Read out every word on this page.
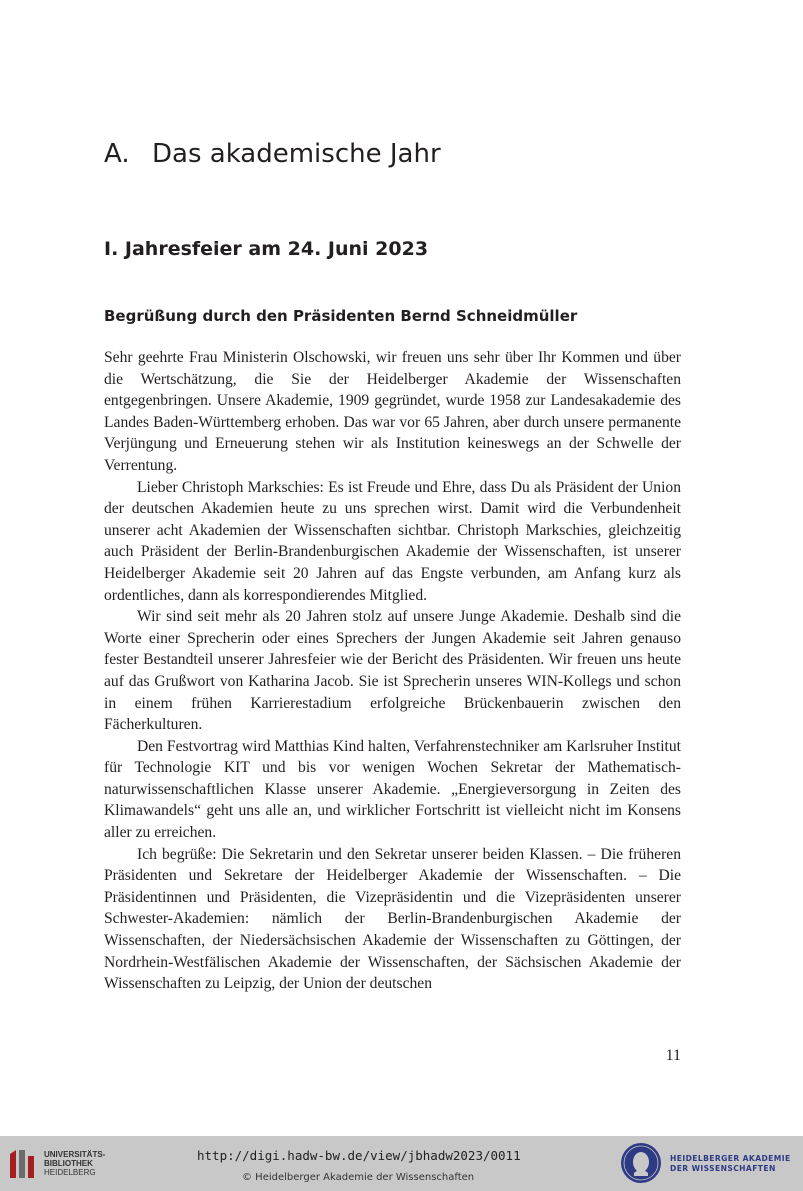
A. Das akademische Jahr
I. Jahresfeier am 24. Juni 2023
Begrüßung durch den Präsidenten Bernd Schneidmüller

Sehr geehrte Frau Ministerin Olschowski, wir freuen uns sehr über Ihr Kommen und über die Wertschätzung, die Sie der Heidelberger Akademie der Wissenschaften entgegenbringen. Unsere Akademie, 1909 gegründet, wurde 1958 zur Landesakademie des Landes Baden-Württemberg erhoben. Das war vor 65 Jahren, aber durch unsere permanente Verjüngung und Erneuerung stehen wir als Institution keineswegs an der Schwelle der Verrentung.

Lieber Christoph Markschies: Es ist Freude und Ehre, dass Du als Präsident der Union der deutschen Akademien heute zu uns sprechen wirst. Damit wird die Verbundenheit unserer acht Akademien der Wissenschaften sichtbar. Christoph Markschies, gleichzeitig auch Präsident der Berlin-Brandenburgischen Akademie der Wissenschaften, ist unserer Heidelberger Akademie seit 20 Jahren auf das Engste verbunden, am Anfang kurz als ordentliches, dann als korrespondierendes Mitglied.

Wir sind seit mehr als 20 Jahren stolz auf unsere Junge Akademie. Deshalb sind die Worte einer Sprecherin oder eines Sprechers der Jungen Akademie seit Jahren genauso fester Bestandteil unserer Jahresfeier wie der Bericht des Präsidenten. Wir freuen uns heute auf das Grußwort von Katharina Jacob. Sie ist Sprecherin unseres WIN-Kollegs und schon in einem frühen Karrierestadium erfolgreiche Brückenbauerin zwischen den Fächerkulturen.

Den Festvortrag wird Matthias Kind halten, Verfahrenstechniker am Karlsruher Institut für Technologie KIT und bis vor wenigen Wochen Sekretar der Mathematisch-naturwissenschaftlichen Klasse unserer Akademie. „Energieversorgung in Zeiten des Klimawandels“ geht uns alle an, und wirklicher Fortschritt ist vielleicht nicht im Konsens aller zu erreichen.

Ich begrüße: Die Sekretarin und den Sekretar unserer beiden Klassen. – Die früheren Präsidenten und Sekretare der Heidelberger Akademie der Wissenschaften. – Die Präsidentinnen und Präsidenten, die Vizepräsidentin und die Vizepräsidenten unserer Schwester-Akademien: nämlich der Berlin-Brandenburgischen Akademie der Wissenschaften, der Niedersächsischen Akademie der Wissenschaften zu Göttingen, der Nordrhein-Westfälischen Akademie der Wissenschaften, der Sächsischen Akademie der Wissenschaften zu Leipzig, der Union der deutschen

11
UNIVERSITÄTS-
BIBLIOTHEK
HEIDELBERG
http://digi.hadw-bw.de/view/jbhadw2023/0011
© Heidelberger Akademie der Wissenschaften
HEIDELBERGER AKADEMIE
DER WISSENSCHAFTEN
